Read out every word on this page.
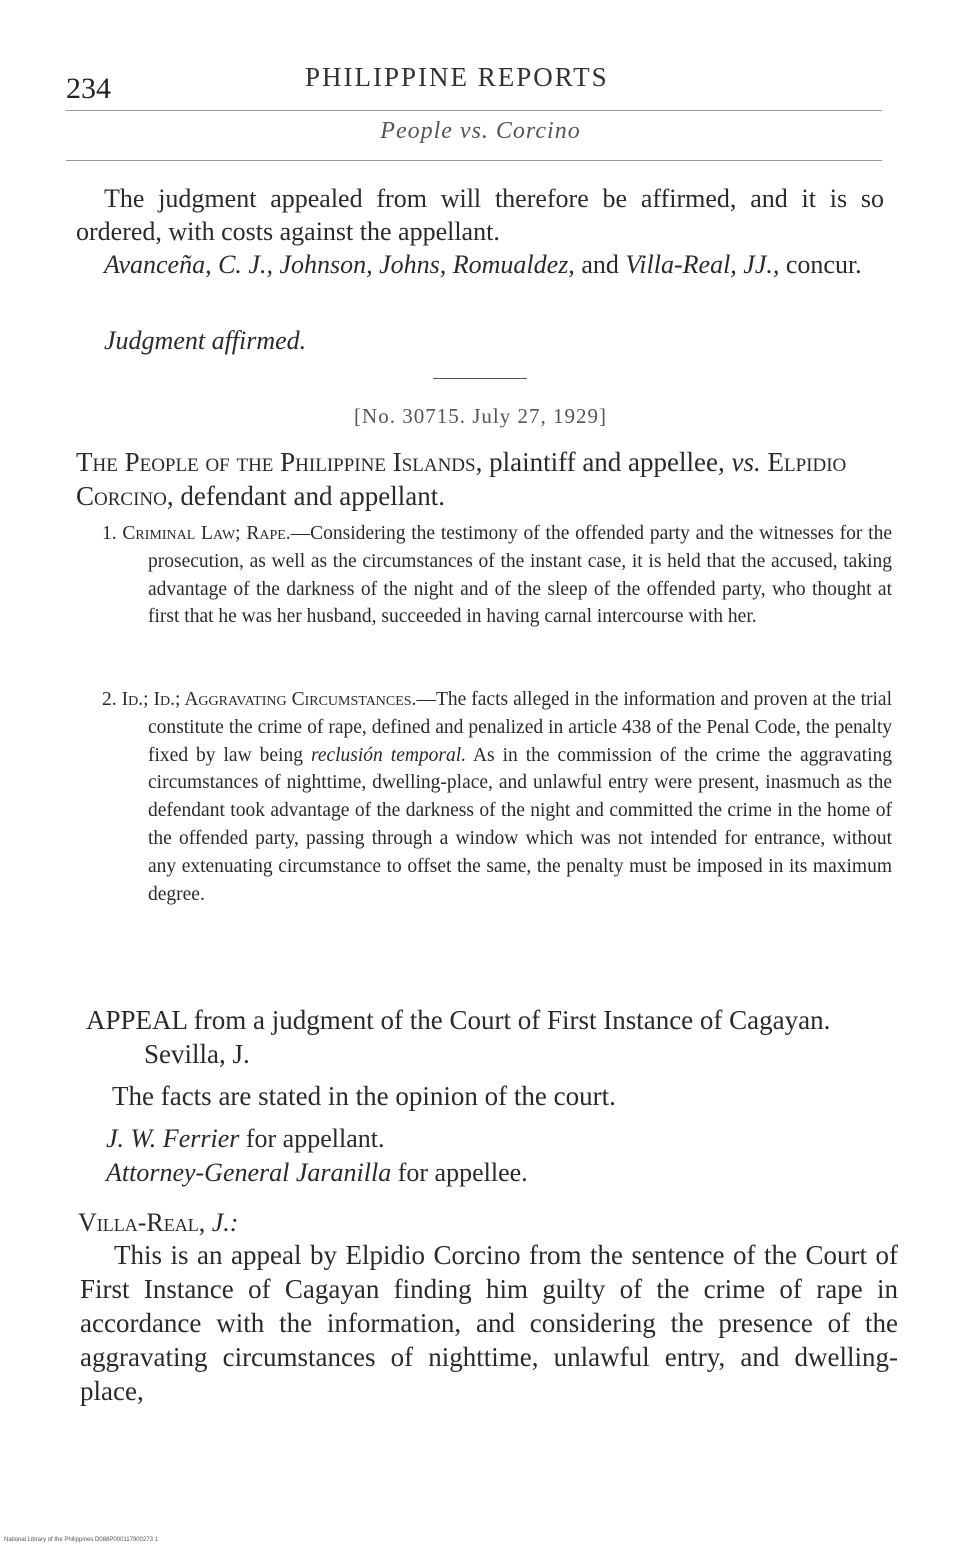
234	PHILIPPINE REPORTS
People vs. Corcino
The judgment appealed from will therefore be affirmed, and it is so ordered, with costs against the appellant.
Avanceña, C. J., Johnson, Johns, Romualdez, and Villa-Real, JJ., concur.
Judgment affirmed.
[No. 30715. July 27, 1929]
The People of the Philippine Islands, plaintiff and appellee, vs. Elpidio Corcino, defendant and appellant.
1. Criminal Law; Rape.—Considering the testimony of the offended party and the witnesses for the prosecution, as well as the circumstances of the instant case, it is held that the accused, taking advantage of the darkness of the night and of the sleep of the offended party, who thought at first that he was her husband, succeeded in having carnal intercourse with her.
2. Id.; Id.; Aggravating Circumstances.—The facts alleged in the information and proven at the trial constitute the crime of rape, defined and penalized in article 438 of the Penal Code, the penalty fixed by law being reclusión temporal. As in the commission of the crime the aggravating circumstances of nighttime, dwelling-place, and unlawful entry were present, inasmuch as the defendant took advantage of the darkness of the night and committed the crime in the home of the offended party, passing through a window which was not intended for entrance, without any extenuating circumstance to offset the same, the penalty must be imposed in its maximum degree.
APPEAL from a judgment of the Court of First Instance of Cagayan. Sevilla, J.
The facts are stated in the opinion of the court.
J. W. Ferrier for appellant.
Attorney-General Jaranilla for appellee.
Villa-Real, J.:
This is an appeal by Elpidio Corcino from the sentence of the Court of First Instance of Cagayan finding him guilty of the crime of rape in accordance with the information, and considering the presence of the aggravating circumstances of nighttime, unlawful entry, and dwelling-place,
National Library of the Philippines D088P000117900273 1
